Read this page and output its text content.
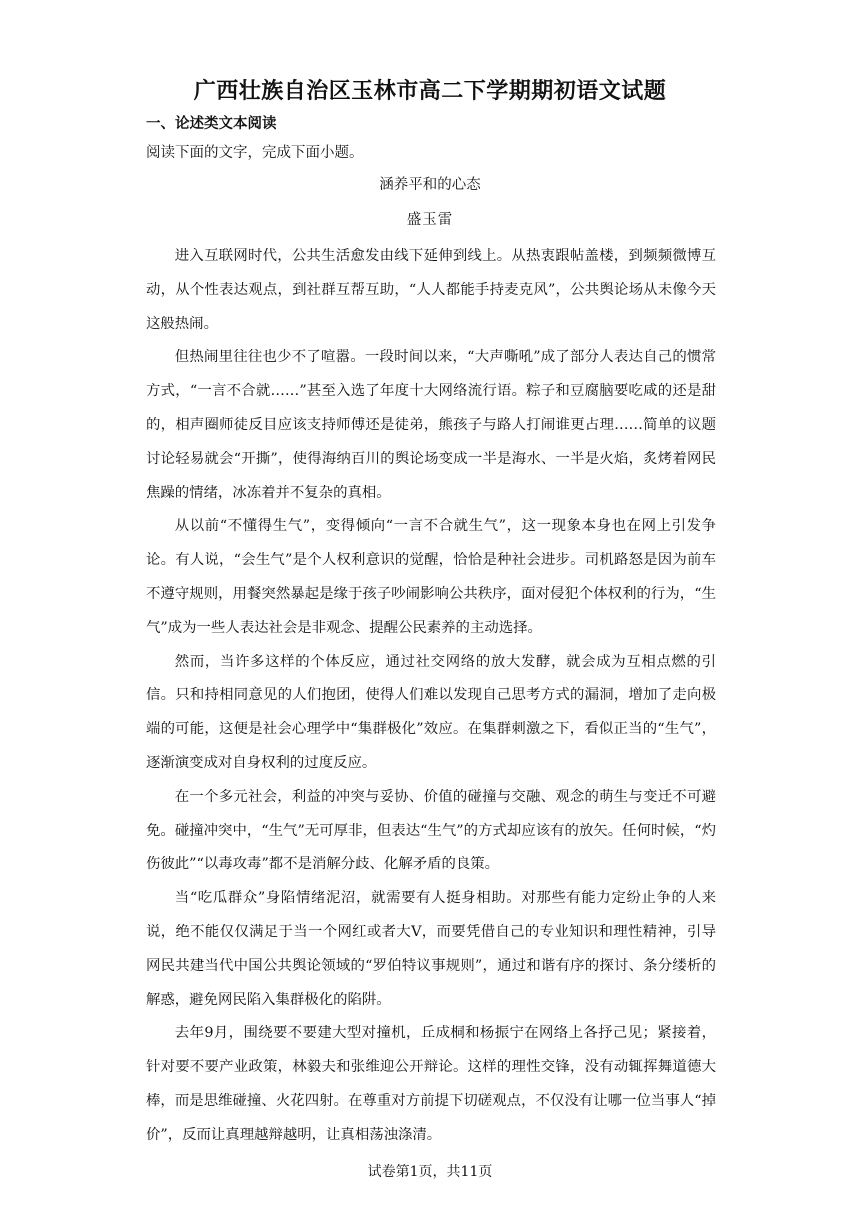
广西壮族自治区玉林市高二下学期期初语文试题
一、论述类文本阅读
阅读下面的文字，完成下面小题。
涵养平和的心态
盛玉雷

进入互联网时代，公共生活愈发由线下延伸到线上。从热衷跟帖盖楼，到频频微博互动，从个性表达观点，到社群互帮互助，“人人都能手持麦克风”，公共舆论场从未像今天这般热闹。

但热闹里往往也少不了喧嚣。一段时间以来，“大声嘶吼”成了部分人表达自己的惯常方式，“一言不合就……”甚至入选了年度十大网络流行语。粽子和豆腐脑要吃咸的还是甜的，相声圈师徒反目应该支持师傅还是徒弟，熊孩子与路人打闹谁更占理……简单的议题讨论轻易就会“开撕”，使得海纳百川的舆论场变成一半是海水、一半是火焰，炙烤着网民焦躁的情绪，冰冻着并不复杂的真相。

从以前“不懂得生气”，变得倾向“一言不合就生气”，这一现象本身也在网上引发争论。有人说，“会生气”是个人权利意识的觉醒，恰恰是种社会进步。司机路怒是因为前车不遵守规则，用餐突然暴起是缘于孩子吵闹影响公共秩序，面对侵犯个体权利的行为，“生气”成为一些人表达社会是非观念、提醒公民素养的主动选择。

然而，当许多这样的个体反应，通过社交网络的放大发酵，就会成为互相点燃的引信。只和持相同意见的人们抱团，使得人们难以发现自己思考方式的漏洞，增加了走向极端的可能，这便是社会心理学中“集群极化”效应。在集群刺激之下，看似正当的“生气”，逐渐演变成对自身权利的过度反应。

在一个多元社会，利益的冲突与妥协、价值的碰撞与交融、观念的萌生与变迁不可避免。碰撞冲突中，“生气”无可厚非，但表达“生气”的方式却应该有的放矢。任何时候，“灼伤彼此”“以毒攻毒”都不是消解分歧、化解矛盾的良策。

当“吃瓜群众”身陷情绪泥沼，就需要有人挺身相助。对那些有能力定纷止争的人来说，绝不能仅仅满足于当一个网红或者大V，而要凭借自己的专业知识和理性精神，引导网民共建当代中国公共舆论领域的“罗伯特议事规则”，通过和谐有序的探讨、条分缕析的解惑，避免网民陷入集群极化的陷阱。

去年9月，围绕要不要建大型对撞机，丘成桐和杨振宁在网络上各抒己见；紧接着，针对要不要产业政策，林毅夫和张维迎公开辩论。这样的理性交锋，没有动辄挥舞道德大棒，而是思维碰撞、火花四射。在尊重对方前提下切磋观点，不仅没有让哪一位当事人“掉价”，反而让真理越辩越明，让真相荡浊涤清。

试卷第1页，共11页
